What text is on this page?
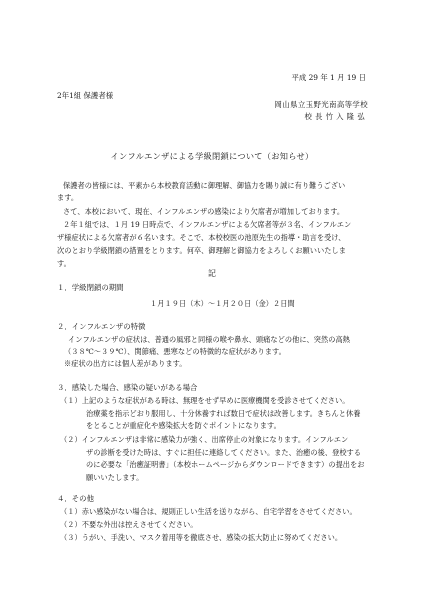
平成 29 年 1 月 19 日
2年1組 保護者様
岡山県立玉野光南高等学校
校 長 竹 入 隆 弘
インフルエンザによる学級閉鎖について（お知らせ）
保護者の皆様には、平素から本校教育活動に御理解、御協力を賜り誠に有り難うござい
ます。
さて、本校において、現在、インフルエンザの感染により欠席者が増加しております。
２年１組では、１月 19 日時点で、インフルエンザによる欠席者等が３名、インフルエン
ザ様症状による欠席者が６名います。そこで、本校校医の池原先生の指導・助言を受け、
次のとおり学級閉鎖の措置をとります。何卒、御理解と御協力をよろしくお願いいたしま
す。
記
１．学級閉鎖の期間
１月１９日（木）～１月２０日（金）２日間
２．インフルエンザの特徴
インフルエンザの症状は、普通の風邪と同様の喉や鼻水、頭痛などの他に、突然の高熱
（３８℃～３９℃）、関節痛、悪寒などの特徴的な症状があります。
※症状の出方には個人差があります。
３．感染した場合、感染の疑いがある場合
（１）上記のような症状がある時は、無理をせず早めに医療機関を受診させてください。
治療薬を指示どおり服用し、十分休養すれば数日で症状は改善します。きちんと休養
をとることが重症化や感染拡大を防ぐポイントになります。
（２）インフルエンザは非常に感染力が強く、出席停止の対象になります。インフルエン
ザの診断を受けた時は、すぐに担任に連絡してください。また、治癒の後、登校する
のに必要な「治癒証明書」（本校ホームページからダウンロードできます）の提出をお
願いいたします。
４．その他
（１）赤い感染がない場合は、規則正しい生活を送りながら、自宅学習をさせてください。
（２）不要な外出は控えさせてください。
（３）うがい、手洗い、マスク着用等を徹底させ、感染の拡大防止に努めてください。
